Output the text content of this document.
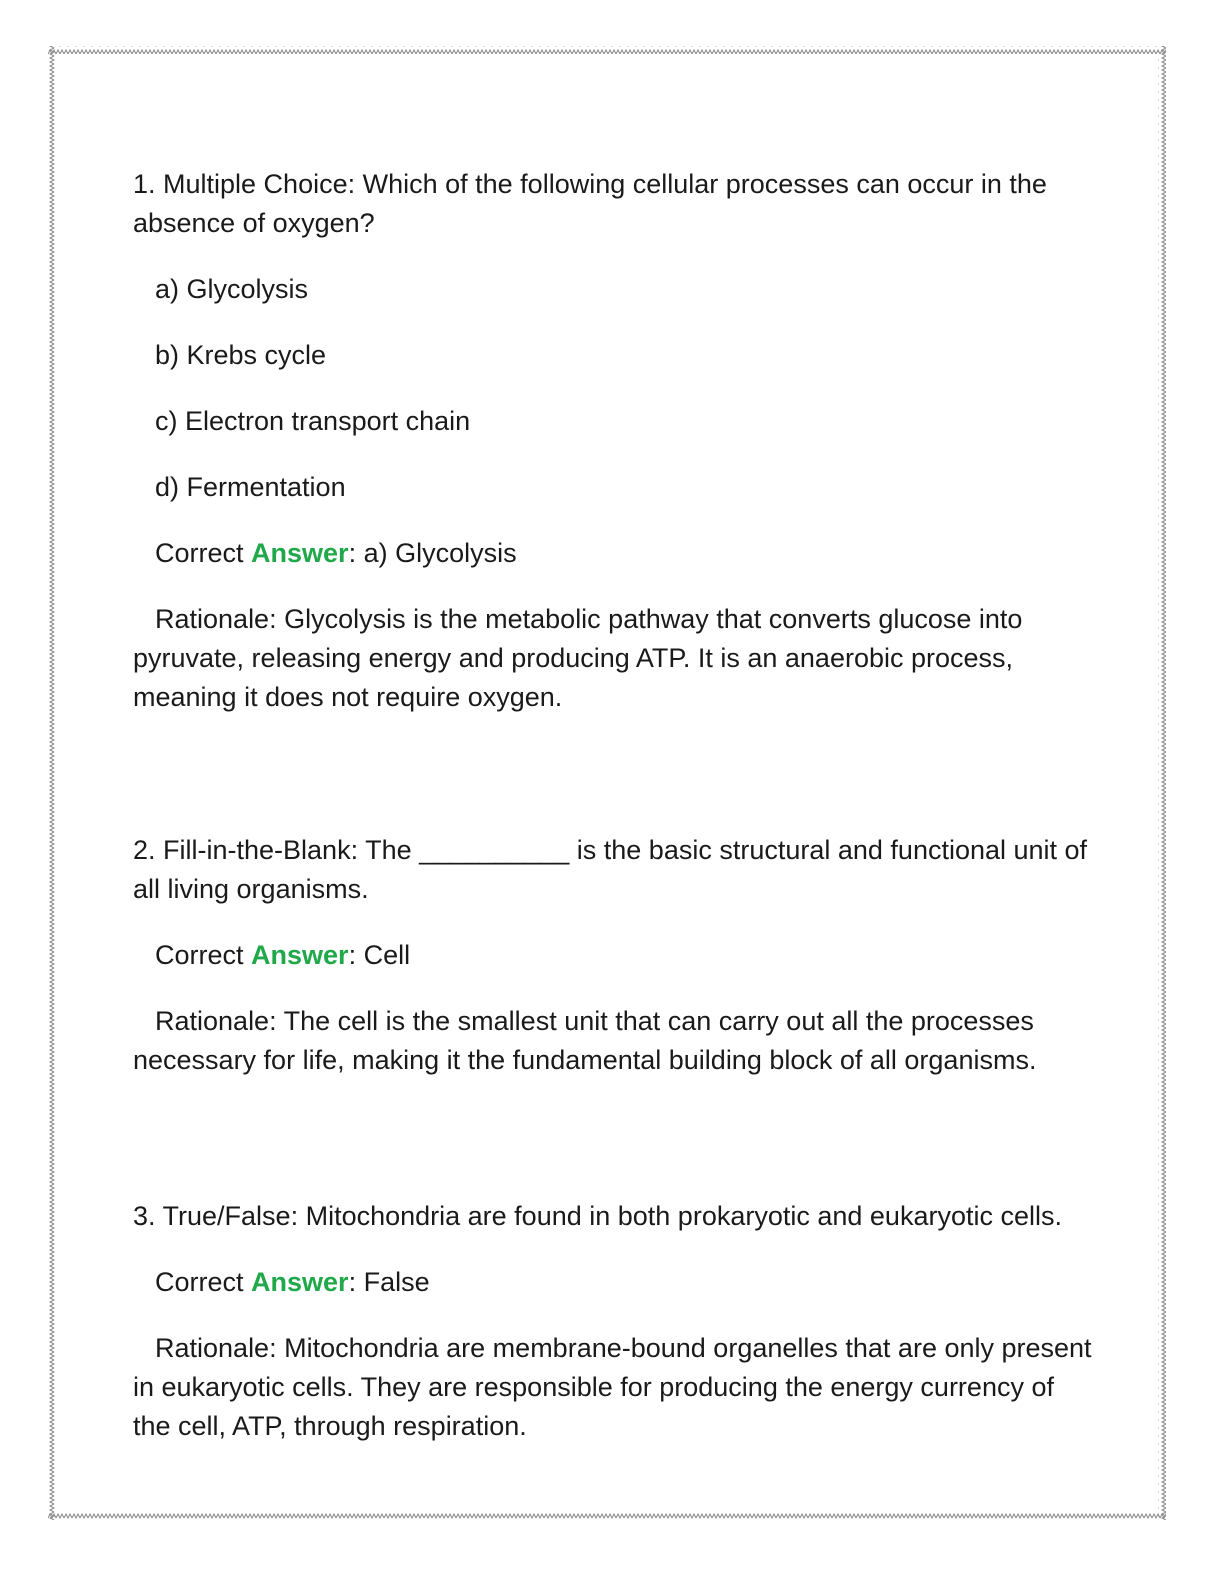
1. Multiple Choice: Which of the following cellular processes can occur in the absence of oxygen?

a) Glycolysis

b) Krebs cycle

c) Electron transport chain

d) Fermentation

Correct Answer: a) Glycolysis

Rationale: Glycolysis is the metabolic pathway that converts glucose into pyruvate, releasing energy and producing ATP. It is an anaerobic process, meaning it does not require oxygen.

2. Fill-in-the-Blank: The __________ is the basic structural and functional unit of all living organisms.

Correct Answer: Cell

Rationale: The cell is the smallest unit that can carry out all the processes necessary for life, making it the fundamental building block of all organisms.

3. True/False: Mitochondria are found in both prokaryotic and eukaryotic cells.

Correct Answer: False

Rationale: Mitochondria are membrane-bound organelles that are only present in eukaryotic cells. They are responsible for producing the energy currency of the cell, ATP, through respiration.
